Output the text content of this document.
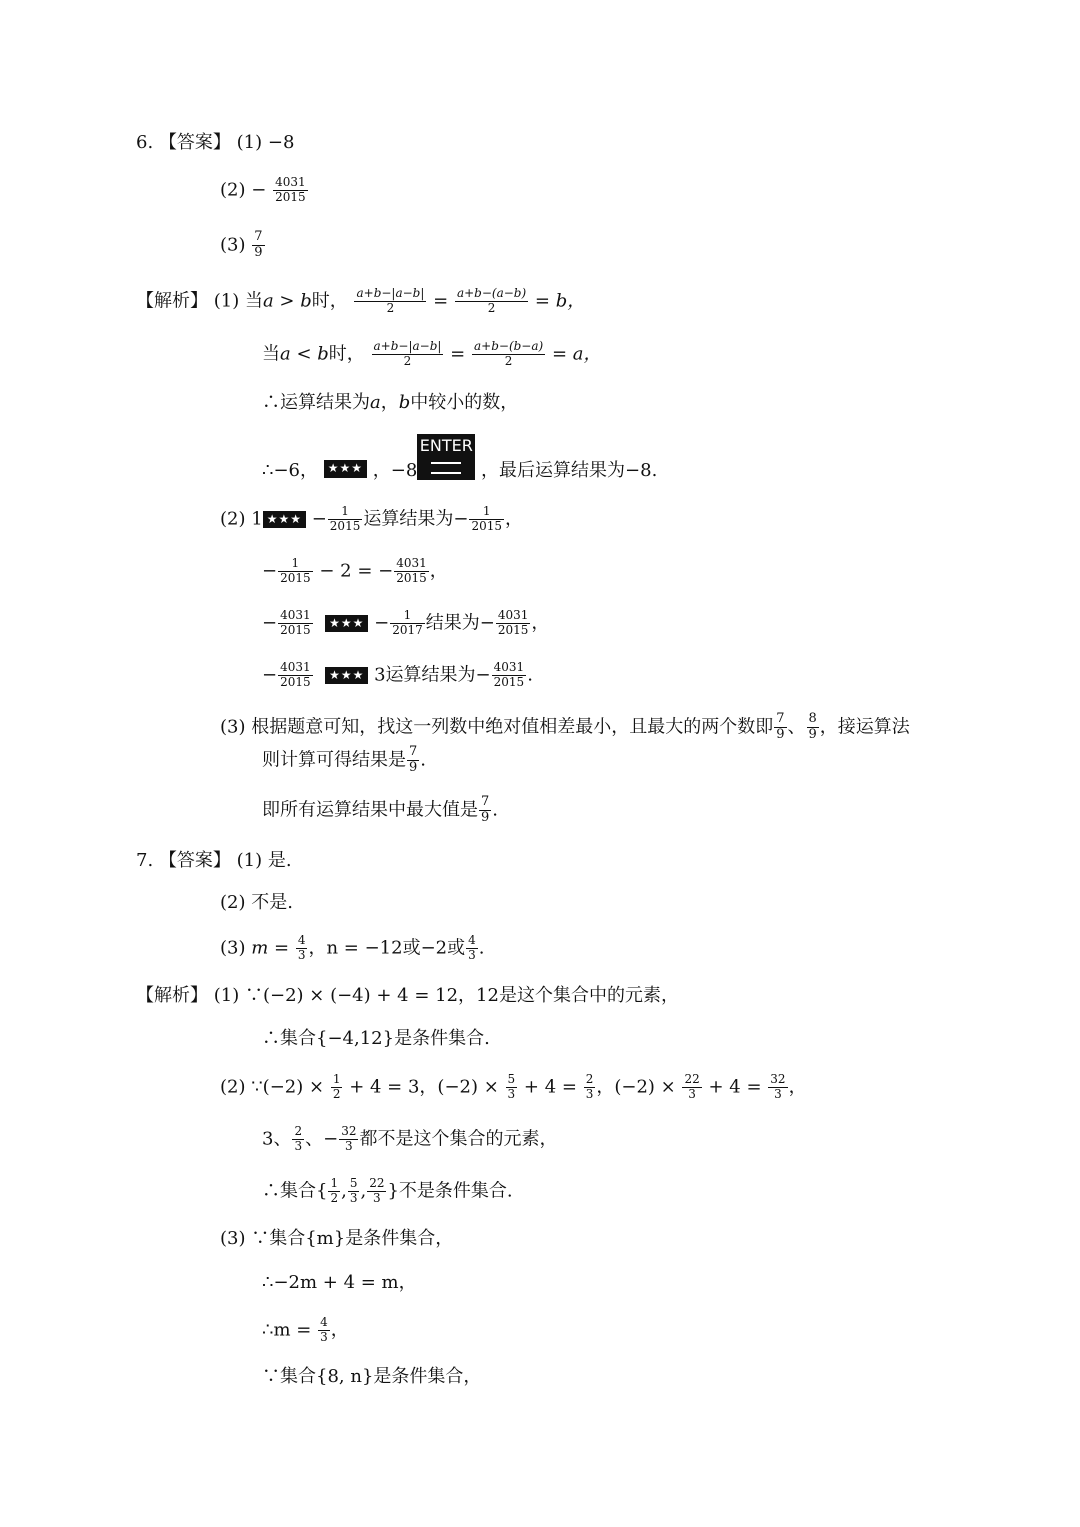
6. 【答案】 (1) −8
$(2) - \frac{4031}{2015}$
$(3) \frac{7}{9}$
【解析】 (1) 当a > b时， $\frac{a+b-|a-b|}{2} = \frac{a+b-(a-b)}{2} = b$，
当a < b时， $\frac{a+b-|a-b|}{2} = \frac{a+b-(b-a)}{2} = a$，
∴运算结果为a，b中较小的数，
∴−6， ★★★ ，−8
ENTER
，最后运算结果为−8.
(2) 1 ★★★ − $\frac{1}{2015}$ 运算结果为− $\frac{1}{2015}$ ，
− $\frac{1}{2015} - 2$ = − $\frac{4031}{2015}$ ，
− $\frac{4031}{2015}$ ★★★ − $\frac{1}{2017}$ 结果为− $\frac{4031}{2015}$ ，
− $\frac{4031}{2015}$ ★★★ 3运算结果为− $\frac{4031}{2015}$ .
(3) 根据题意可知，找这一列数中绝对值相差最小，且最大的两个数即 $\frac{7}{9}$ 、 $\frac{8}{9}$ ，接运算法
则计算可得结果是 $\frac{7}{9}$ .
即所有运算结果中最大值是 $\frac{7}{9}$ .
7. 【答案】 (1) 是.
(2) 不是.
(3) $m = \frac{4}{3}$ ，n = −12或−2或 $\frac{4}{3}$ .
【解析】 (1) ∵(−2) × (−4) + 4 = 12，12是这个集合中的元素，
∴集合{−4,12}是条件集合.
(2) ∵(−2) × $\frac{1}{2} + 4 = 3$，$(-2) \times \frac{5}{3} + 4 = \frac{2}{3}$ ，$(-2) \times \frac{22}{3} + 4 = \frac{32}{3}$ ，
3、 $\frac{2}{3}$ 、− $\frac{32}{3}$ 都不是这个集合的元素，
∴集合{ $\frac{1}{2}$ , $\frac{5}{3}$ , $\frac{22}{3}$ }不是条件集合.
(3) ∵集合{m}是条件集合，
∴−2m + 4 = m，
∴m = $\frac{4}{3}$ ，
∵集合{8, n}是条件集合，
